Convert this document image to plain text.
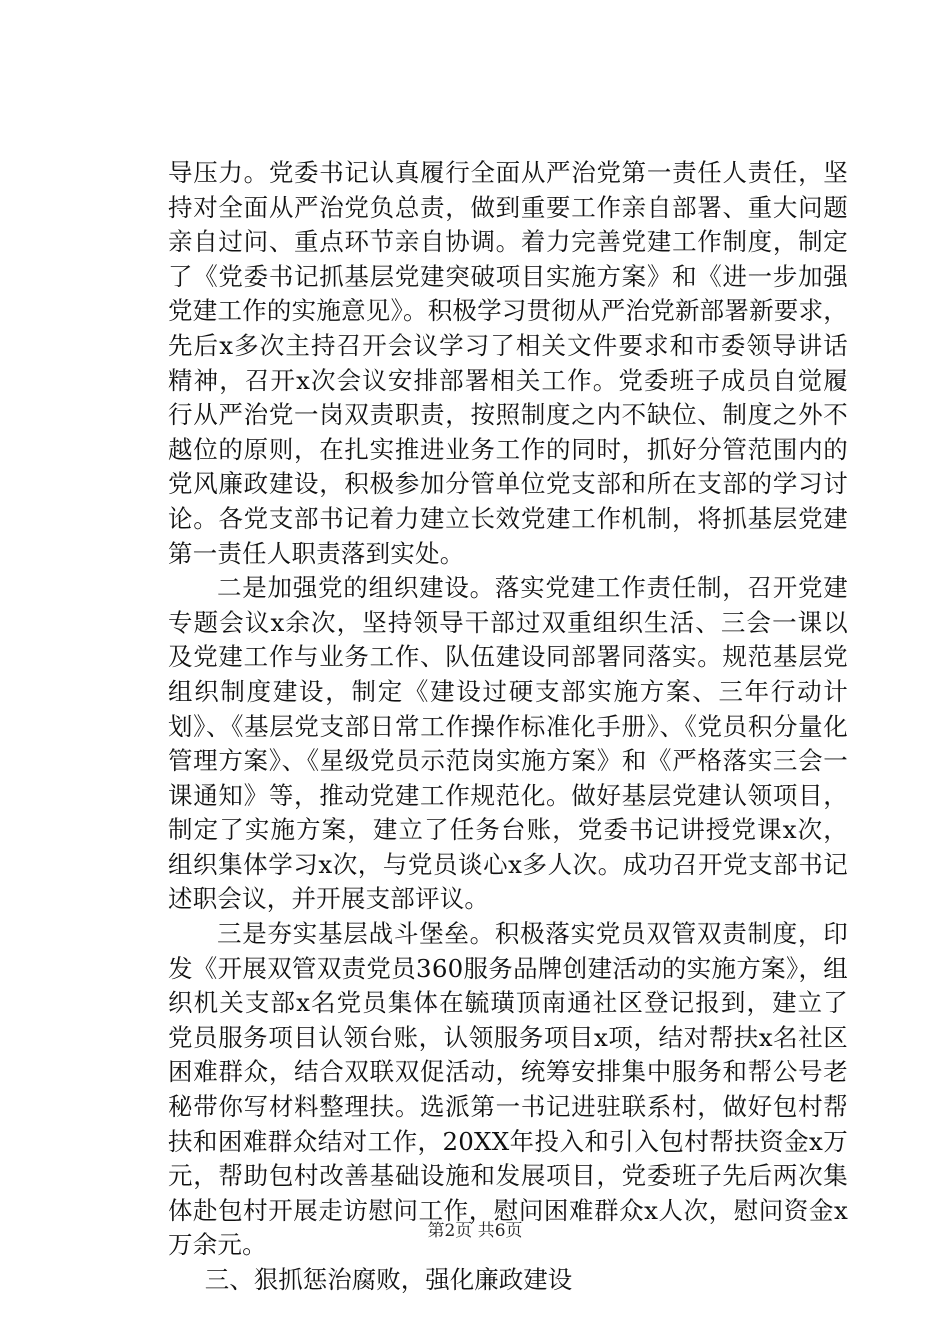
导压力。党委书记认真履行全面从严治党第一责任人责任，坚持对全面从严治党负总责，做到重要工作亲自部署、重大问题亲自过问、重点环节亲自协调。着力完善党建工作制度，制定了《党委书记抓基层党建突破项目实施方案》和《进一步加强党建工作的实施意见》。积极学习贯彻从严治党新部署新要求，先后x多次主持召开会议学习了相关文件要求和市委领导讲话精神，召开x次会议安排部署相关工作。党委班子成员自觉履行从严治党一岗双责职责，按照制度之内不缺位、制度之外不越位的原则，在扎实推进业务工作的同时，抓好分管范围内的党风廉政建设，积极参加分管单位党支部和所在支部的学习讨论。各党支部书记着力建立长效党建工作机制，将抓基层党建第一责任人职责落到实处。

二是加强党的组织建设。落实党建工作责任制，召开党建专题会议x余次，坚持领导干部过双重组织生活、三会一课以及党建工作与业务工作、队伍建设同部署同落实。规范基层党组织制度建设，制定《建设过硬支部实施方案、三年行动计划》、《基层党支部日常工作操作标准化手册》、《党员积分量化管理方案》、《星级党员示范岗实施方案》和《严格落实三会一课通知》等，推动党建工作规范化。做好基层党建认领项目，制定了实施方案，建立了任务台账，党委书记讲授党课x次，组织集体学习x次，与党员谈心x多人次。成功召开党支部书记述职会议，并开展支部评议。

三是夯实基层战斗堡垒。积极落实党员双管双责制度，印发《开展双管双责党员360服务品牌创建活动的实施方案》，组织机关支部x名党员集体在毓璜顶南通社区登记报到，建立了党员服务项目认领台账，认领服务项目x项，结对帮扶x名社区困难群众，结合双联双促活动，统筹安排集中服务和帮公号老秘带你写材料整理扶。选派第一书记进驻联系村，做好包村帮扶和困难群众结对工作，20XX年投入和引入包村帮扶资金x万元，帮助包村改善基础设施和发展项目，党委班子先后两次集体赴包村开展走访慰问工作，慰问困难群众x人次，慰问资金x万余元。

三、狠抓惩治腐败，强化廉政建设

第2页 共6页
